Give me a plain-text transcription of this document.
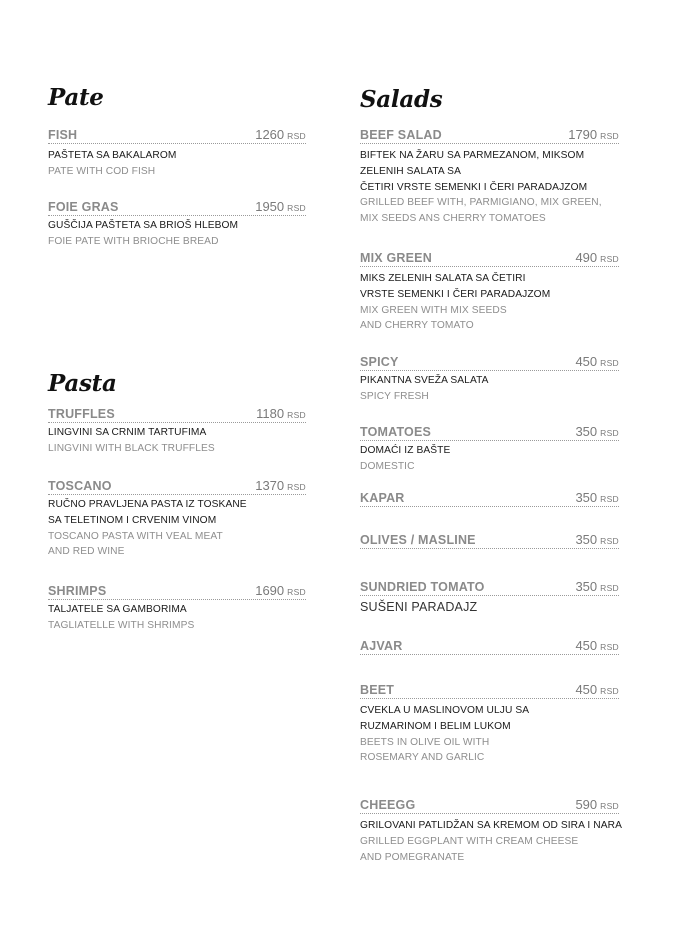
Pate
FISH	1260 RSD
PAŠTETA SA BAKALAROM
PATE WITH COD FISH
FOIE GRAS	1950 RSD
GUŠČIJA PAŠTETA SA BRIOŠ HLEBOM
FOIE PATE WITH BRIOCHE BREAD
Pasta
TRUFFLES	1180 RSD
LINGVINI SA CRNIM TARTUFIMA
LINGVINI WITH BLACK TRUFFLES
TOSCANO	1370 RSD
RUČNO PRAVLJENA PASTA IZ TOSKANE
SA TELETINOM I CRVENIM VINOM
TOSCANO PASTA WITH VEAL MEAT
AND RED WINE
SHRIMPS	1690 RSD
TALJATELE SA GAMBORIMA
TAGLIATELLE WITH SHRIMPS
Salads
BEEF SALAD	1790 RSD
BIFTEK NA ŽARU SA PARMEZANOM, MIKSOM
ZELENIH SALATA SA
ČETIRI VRSTE SEMENKI I ČERI PARADAJZOM
GRILLED BEEF WITH, PARMIGIANO, MIX GREEN,
MIX SEEDS ANS CHERRY TOMATOES
MIX GREEN	490 RSD
MIKS ZELENIH SALATA SA ČETIRI
VRSTE SEMENKI I ČERI PARADAJZOM
MIX GREEN WITH MIX SEEDS
AND CHERRY TOMATO
SPICY	450 RSD
PIKANTNA SVEŽA SALATA
SPICY FRESH
TOMATOES	350 RSD
DOMAĆI IZ BAŠTE
DOMESTIC
KAPAR	350 RSD
OLIVES / MASLINE	350 RSD
SUNDRIED TOMATO	350 RSD
SUŠENI PARADAJZ
AJVAR	450 RSD
BEET	450 RSD
CVEKLA U MASLINOVOM ULJU SA
RUZMARINOM I BELIM LUKOM
BEETS IN OLIVE OIL WITH
ROSEMARY AND GARLIC
CHEEGG	590 RSD
GRILOVANI PATLIDŽAN SA KREMOM OD SIRA I NARA
GRILLED EGGPLANT WITH CREAM CHEESE
AND POMEGRANATE
